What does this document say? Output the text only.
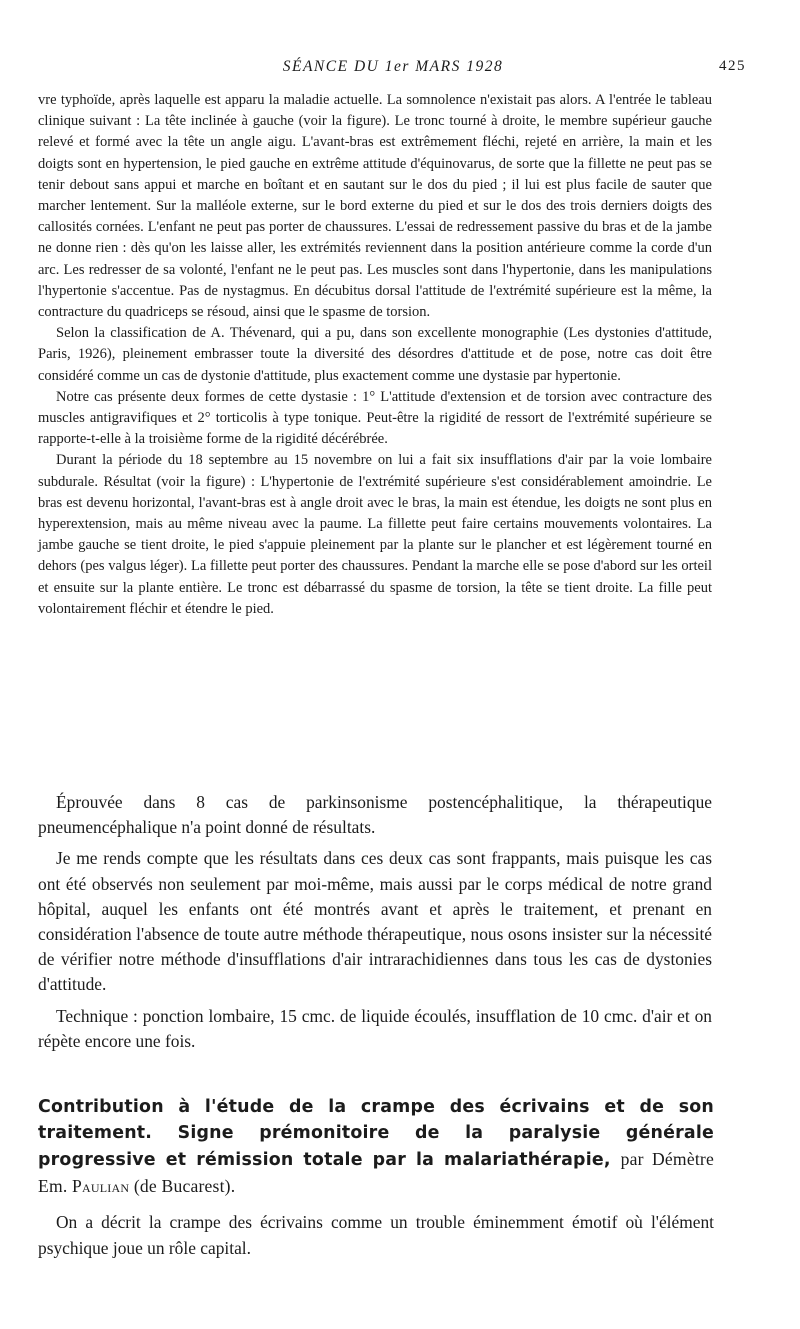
SÉANCE DU 1er MARS 1928	425

vre typhoïde, après laquelle est apparu la maladie actuelle. La somnolence n'existait pas alors. A l'entrée le tableau clinique suivant : La tête inclinée à gauche (voir la figure). Le tronc tourné à droite, le membre supérieur gauche relevé et formé avec la tête un angle aigu. L'avant-bras est extrêmement fléchi, rejeté en arrière, la main et les doigts sont en hypertension, le pied gauche en extrême attitude d'équinovarus, de sorte que la fillette ne peut pas se tenir debout sans appui et marche en boîtant et en sautant sur le dos du pied ; il lui est plus facile de sauter que marcher lentement. Sur la malléole externe, sur le bord externe du pied et sur le dos des trois derniers doigts des callosités cornées. L'enfant ne peut pas porter de chaussures. L'essai de redressement passive du bras et de la jambe ne donne rien : dès qu'on les laisse aller, les extrémités reviennent dans la position antérieure comme la corde d'un arc. Les redresser de sa volonté, l'enfant ne le peut pas. Les muscles sont dans l'hypertonie, dans les manipulations l'hypertonie s'accentue. Pas de nystagmus. En décubitus dorsal l'attitude de l'extrémité supérieure est la même, la contracture du quadriceps se résoud, ainsi que le spasme de torsion.

Selon la classification de A. Thévenard, qui a pu, dans son excellente monographie (Les dystonies d'attitude, Paris, 1926), pleinement embrasser toute la diversité des désordres d'attitude et de pose, notre cas doit être considéré comme un cas de dystonie d'attitude, plus exactement comme une dystasie par hypertonie.

Notre cas présente deux formes de cette dystasie : 1° L'attitude d'extension et de torsion avec contracture des muscles antigravifiques et 2° torticolis à type tonique. Peut-être la rigidité de ressort de l'extrémité supérieure se rapporte-t-elle à la troisième forme de la rigidité décérébrée.

Durant la période du 18 septembre au 15 novembre on lui a fait six insufflations d'air par la voie lombaire subdurale. Résultat (voir la figure) : L'hypertonie de l'extrémité supérieure s'est considérablement amoindrie. Le bras est devenu horizontal, l'avant-bras est à angle droit avec le bras, la main est étendue, les doigts ne sont plus en hyperextension, mais au même niveau avec la paume. La fillette peut faire certains mouvements volontaires. La jambe gauche se tient droite, le pied s'appuie pleinement par la plante sur le plancher et est légèrement tourné en dehors (pes valgus léger). La fillette peut porter des chaussures. Pendant la marche elle se pose d'abord sur les orteil et ensuite sur la plante entière. Le tronc est débarrassé du spasme de torsion, la tête se tient droite. La fille peut volontairement fléchir et étendre le pied.

Éprouvée dans 8 cas de parkinsonisme postencéphalitique, la thérapeutique pneumencéphalique n'a point donné de résultats.

Je me rends compte que les résultats dans ces deux cas sont frappants, mais puisque les cas ont été observés non seulement par moi-même, mais aussi par le corps médical de notre grand hôpital, auquel les enfants ont été montrés avant et après le traitement, et prenant en considération l'absence de toute autre méthode thérapeutique, nous osons insister sur la nécessité de vérifier notre méthode d'insufflations d'air intrarachidiennes dans tous les cas de dystonies d'attitude.

Technique : ponction lombaire, 15 cmc. de liquide écoulés, insufflation de 10 cmc. d'air et on répète encore une fois.

Contribution à l'étude de la crampe des écrivains et de son traitement. Signe prémonitoire de la paralysie générale progressive et rémission totale par la malariathérapie, par Démètre Em. Paulian (de Bucarest).

On a décrit la crampe des écrivains comme un trouble éminemment émotif où l'élément psychique joue un rôle capital.
